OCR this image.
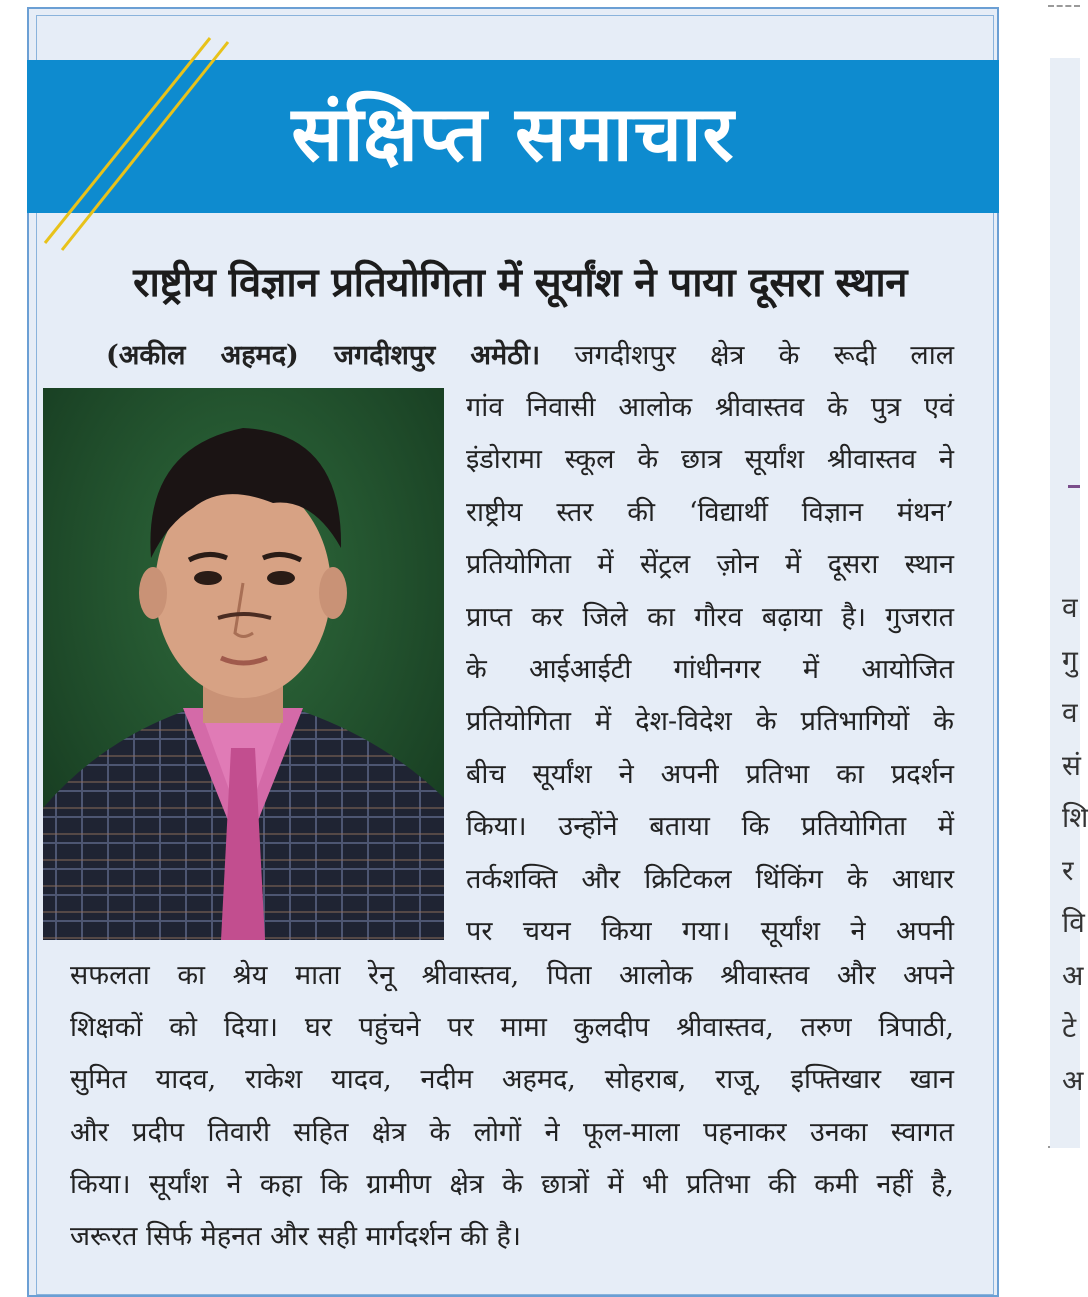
व
गु
व
सं
शि
र
वि
अ
टे
अ
संक्षिप्त समाचार
राष्ट्रीय विज्ञान प्रतियोगिता में सूर्यांश ने पाया दूसरा स्थान
(अकील अहमद) जगदीशपुर अमेठी। जगदीशपुर क्षेत्र के रूदी लाल
गांव निवासी आलोक श्रीवास्तव के पुत्र एवं
इंडोरामा स्कूल के छात्र सूर्यांश श्रीवास्तव ने
राष्ट्रीय स्तर की ‘विद्यार्थी विज्ञान मंथन’
प्रतियोगिता में सेंट्रल ज़ोन में दूसरा स्थान
प्राप्त कर जिले का गौरव बढ़ाया है। गुजरात
के आईआईटी गांधीनगर में आयोजित
प्रतियोगिता में देश-विदेश के प्रतिभागियों के
बीच सूर्यांश ने अपनी प्रतिभा का प्रदर्शन
किया। उन्होंने बताया कि प्रतियोगिता में
तर्कशक्ति और क्रिटिकल थिंकिंग के आधार
पर चयन किया गया। सूर्यांश ने अपनी
सफलता का श्रेय माता रेनू श्रीवास्तव, पिता आलोक श्रीवास्तव और अपने
शिक्षकों को दिया। घर पहुंचने पर मामा कुलदीप श्रीवास्तव, तरुण त्रिपाठी,
सुमित यादव, राकेश यादव, नदीम अहमद, सोहराब, राजू, इफ्तिखार खान
और प्रदीप तिवारी सहित क्षेत्र के लोगों ने फूल-माला पहनाकर उनका स्वागत
किया। सूर्यांश ने कहा कि ग्रामीण क्षेत्र के छात्रों में भी प्रतिभा की कमी नहीं है,
जरूरत सिर्फ मेहनत और सही मार्गदर्शन की है।
